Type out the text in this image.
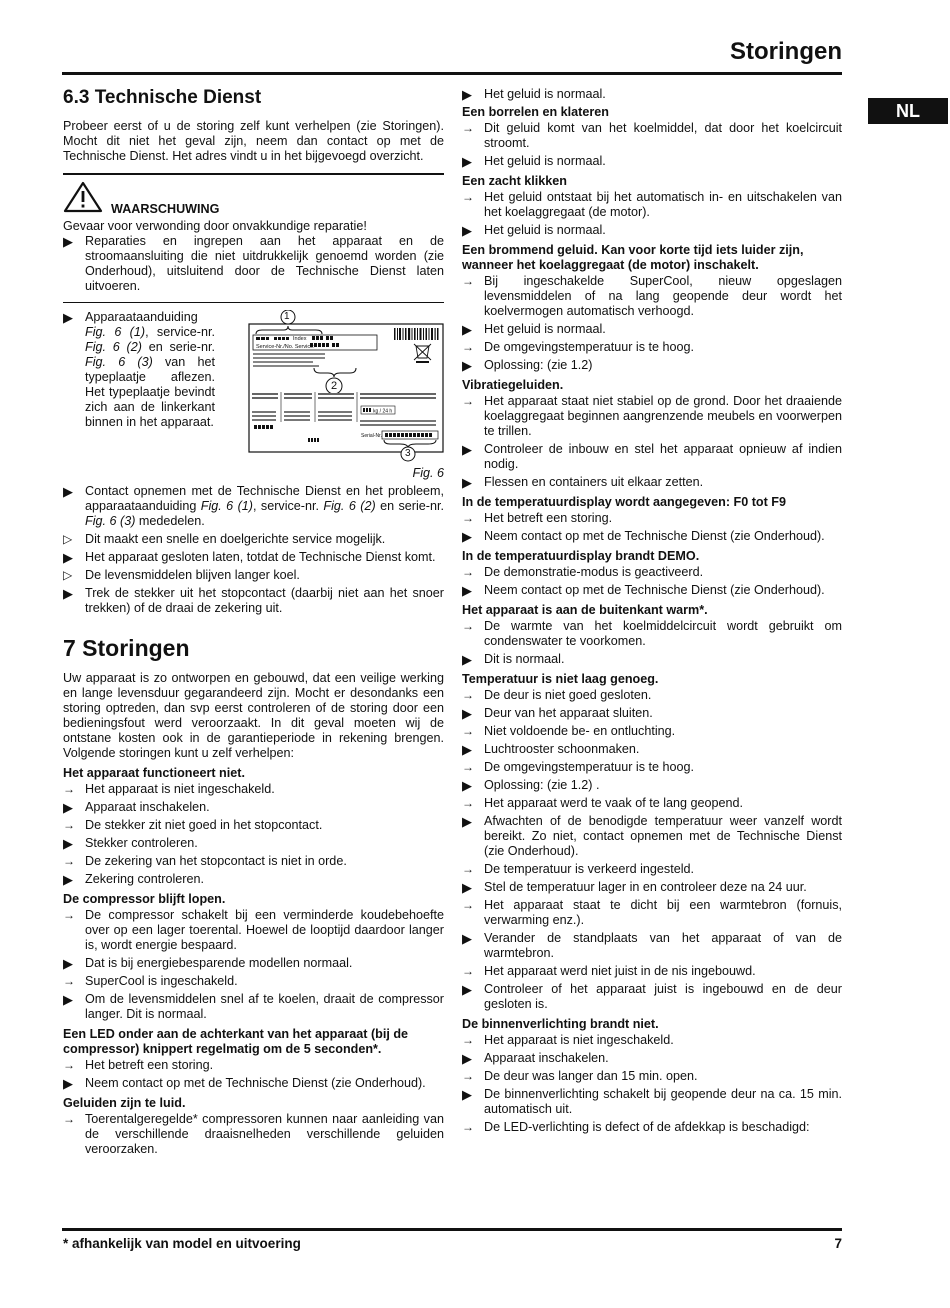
Storingen
NL
6.3 Technische Dienst

Probeer eerst of u de storing zelf kunt verhelpen (zie Storingen). Mocht dit niet het geval zijn, neem dan contact op met de Technische Dienst. Het adres vindt u in het bijgevoegd overzicht.

WAARSCHUWING

Gevaar voor verwonding door onvakkundige reparatie!

▶ Reparaties en ingrepen aan het apparaat en de stroomaansluiting die niet uitdrukkelijk genoemd worden (zie Onderhoud), uitsluitend door de Technische Dienst laten uitvoeren.
▶ Apparaataanduiding Fig. 6 (1), service-nr. Fig. 6 (2) en serie-nr. Fig. 6 (3) van het typeplaatje aflezen. Het typeplaatje bevindt zich aan de linkerkant binnen in het apparaat.
Index
Service-Nr./No. Service:
kg / 24 h
Serial-Nr.
1
2
3
Fig. 6
▶ Contact opnemen met de Technische Dienst en het probleem, apparaataanduiding Fig. 6 (1), service-nr. Fig. 6 (2) en serie-nr. Fig. 6 (3) mededelen.
▷	Dit maakt een snelle en doelgerichte service mogelijk.
▶ Het apparaat gesloten laten, totdat de Technische Dienst komt.
▷	De levensmiddelen blijven langer koel.
▶ Trek de stekker uit het stopcontact (daarbij niet aan het snoer trekken) of de draai de zekering uit.
7 Storingen

Uw apparaat is zo ontworpen en gebouwd, dat een veilige werking en lange levensduur gegarandeerd zijn. Mocht er desondanks een storing optreden, dan svp eerst controleren of de storing door een bedieningsfout werd veroorzaakt. In dit geval moeten wij de ontstane kosten ook in de garantieperiode in rekening brengen. Volgende storingen kunt u zelf verhelpen:

Het apparaat functioneert niet.
→ Het apparaat is niet ingeschakeld.
▶ Apparaat inschakelen.
→ De stekker zit niet goed in het stopcontact.
▶ Stekker controleren.
→ De zekering van het stopcontact is niet in orde.
▶ Zekering controleren.
De compressor blijft lopen.
→ De compressor schakelt bij een verminderde koudebehoefte over op een lager toerental. Hoewel de looptijd daardoor langer is, wordt energie bespaard.
▶ Dat is bij energiebesparende modellen normaal.
→ SuperCool is ingeschakeld.
▶ Om de levensmiddelen snel af te koelen, draait de compressor langer. Dit is normaal.
Een LED onder aan de achterkant van het apparaat (bij de compressor) knippert regelmatig om de 5 seconden*.
→ Het betreft een storing.
▶ Neem contact op met de Technische Dienst (zie Onderhoud).
Geluiden zijn te luid.
→ Toerentalgeregelde* compressoren kunnen naar aanleiding van de verschillende draaisnelheden verschillende geluiden veroorzaken.
▶ Het geluid is normaal.
Een borrelen en klateren
→ Dit geluid komt van het koelmiddel, dat door het koelcircuit stroomt.
▶ Het geluid is normaal.
Een zacht klikken
→ Het geluid ontstaat bij het automatisch in- en uitschakelen van het koelaggregaat (de motor).
▶ Het geluid is normaal.
Een brommend geluid. Kan voor korte tijd iets luider zijn, wanneer het koelaggregaat (de motor) inschakelt.
→ Bij ingeschakelde SuperCool, nieuw opgeslagen levensmiddelen of na lang geopende deur wordt het koelvermogen automatisch verhoogd.
▶ Het geluid is normaal.
→ De omgevingstemperatuur is te hoog.
▶ Oplossing: (zie 1.2)
Vibratiegeluiden.
→ Het apparaat staat niet stabiel op de grond. Door het draaiende koelaggregaat beginnen aangrenzende meubels en voorwerpen te trillen.
▶ Controleer de inbouw en stel het apparaat opnieuw af indien nodig.
▶ Flessen en containers uit elkaar zetten.
In de temperatuurdisplay wordt aangegeven: F0 tot F9
→ Het betreft een storing.
▶ Neem contact op met de Technische Dienst (zie Onderhoud).
In de temperatuurdisplay brandt DEMO.
→ De demonstratie-modus is geactiveerd.
▶ Neem contact op met de Technische Dienst (zie Onderhoud).
Het apparaat is aan de buitenkant warm*.
→ De warmte van het koelmiddelcircuit wordt gebruikt om condenswater te voorkomen.
▶ Dit is normaal.
Temperatuur is niet laag genoeg.
→ De deur is niet goed gesloten.
▶ Deur van het apparaat sluiten.
→ Niet voldoende be- en ontluchting.
▶ Luchtrooster schoonmaken.
→ De omgevingstemperatuur is te hoog.
▶ Oplossing: (zie 1.2) .
→ Het apparaat werd te vaak of te lang geopend.
▶ Afwachten of de benodigde temperatuur weer vanzelf wordt bereikt. Zo niet, contact opnemen met de Technische Dienst (zie Onderhoud).
→ De temperatuur is verkeerd ingesteld.
▶ Stel de temperatuur lager in en controleer deze na 24 uur.
→ Het apparaat staat te dicht bij een warmtebron (fornuis, verwarming enz.).
▶ Verander de standplaats van het apparaat of van de warmtebron.
→ Het apparaat werd niet juist in de nis ingebouwd.
▶ Controleer of het apparaat juist is ingebouwd en de deur gesloten is.
De binnenverlichting brandt niet.
→ Het apparaat is niet ingeschakeld.
▶ Apparaat inschakelen.
→ De deur was langer dan 15 min. open.
▶ De binnenverlichting schakelt bij geopende deur na ca. 15 min. automatisch uit.
→ De LED-verlichting is defect of de afdekkap is beschadigd:
* afhankelijk van model en uitvoering	7
